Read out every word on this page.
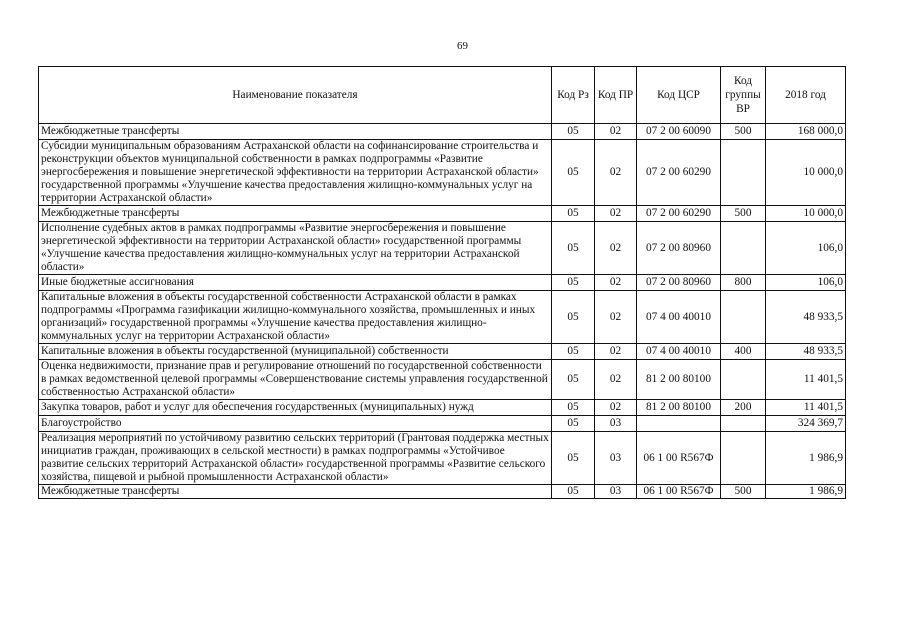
69
Наименование показателя	Код Рз	Код ПР	Код ЦСР	Код группы ВР	2018 год
Межбюджетные трансферты	05	02	07 2 00 60090	500	168 000,0
Субсидии муниципальным образованиям Астраханской области на софинансирование строительства и реконструкции объектов муниципальной собственности в рамках подпрограммы «Развитие энергосбережения и повышение энергетической эффективности на территории Астраханской области» государственной программы «Улучшение качества предоставления жилищно-коммунальных услуг на территории Астраханской области»	05	02	07 2 00 60290		10 000,0
Межбюджетные трансферты	05	02	07 2 00 60290	500	10 000,0
Исполнение судебных актов в рамках подпрограммы «Развитие энергосбережения и повышение энергетической эффективности на территории Астраханской области» государственной программы «Улучшение качества предоставления жилищно-коммунальных услуг на территории Астраханской области»	05	02	07 2 00 80960		106,0
Иные бюджетные ассигнования	05	02	07 2 00 80960	800	106,0
Капитальные вложения в объекты государственной собственности Астраханской области в рамках подпрограммы «Программа газификации жилищно-коммунального хозяйства, промышленных и иных организаций» государственной программы «Улучшение качества предоставления жилищно-коммунальных услуг на территории Астраханской области»	05	02	07 4 00 40010		48 933,5
Капитальные вложения в объекты государственной (муниципальной) собственности	05	02	07 4 00 40010	400	48 933,5
Оценка недвижимости, признание прав и регулирование отношений по государственной собственности в рамках ведомственной целевой программы «Совершенствование системы управления государственной собственностью Астраханской области»	05	02	81 2 00 80100		11 401,5
Закупка товаров, работ и услуг для обеспечения государственных (муниципальных) нужд	05	02	81 2 00 80100	200	11 401,5
Благоустройство	05	03			324 369,7
Реализация мероприятий по устойчивому развитию сельских территорий (Грантовая поддержка местных инициатив граждан, проживающих в сельской местности) в рамках подпрограммы «Устойчивое развитие сельских территорий Астраханской области» государственной программы «Развитие сельского хозяйства, пищевой и рыбной промышленности Астраханской области»	05	03	06 1 00 R567Ф		1 986,9
Межбюджетные трансферты	05	03	06 1 00 R567Ф	500	1 986,9
